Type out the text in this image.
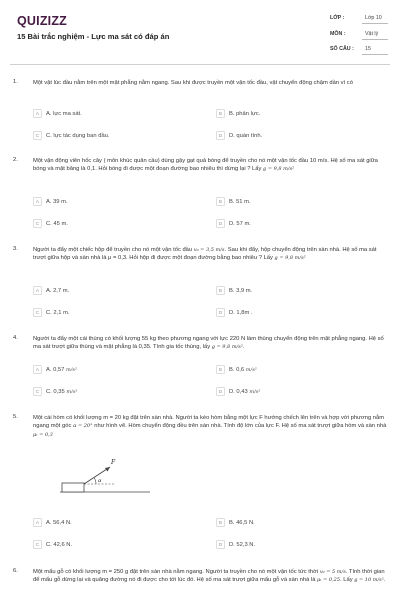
QUIZIZZ
15 Bài trắc nghiệm - Lực ma sát có đáp án
LỚP :	Lớp 10
MÔN :	Vật lý
SỐ CÂU : 15
1.	Một vật lúc đầu nằm trên một mặt phẳng nằm ngang. Sau khi được truyền một vận tốc đầu, vật chuyển động chậm dần vì có
A	A. lực ma sát.	B	B. phản lực.
C	C. lực tác dụng ban đầu.	D	D. quán tính.
2.	Một vận động viên hốc cây ( môn khúc quân cầu) dùng gậy gạt quả bóng để truyền cho nó một vận tốc đầu 10 m/s. Hệ số ma sát giữa bóng và mặt băng là 0,1. Hỏi bóng đi được một đoạn đường bao nhiêu thì dừng lại ? Lấy g = 9,8 m/s²
A	A. 39 m.	B	B. 51 m.
C	C. 45 m.	D	D. 57 m.
3.	Người ta đẩy một chiếc hộp để truyền cho nó một vận tốc đầu v₀ = 3,5 m/s. Sau khi đẩy, hộp chuyển động trên sàn nhà. Hệ số ma sát trượt giữa hộp và sàn nhà là μ = 0,3. Hỏi hộp đi được một đoạn đường bằng bao nhiêu ? Lấy g = 9,8 m/s²
A	A. 2,7 m.	B	B. 3,9 m.
C	C. 2,1 m.	D	D. 1,8m .
4.	Người ta đẩy một cái thùng có khối lượng 55 kg theo phương ngang với lực 220 N làm thùng chuyển động trên mặt phẳng ngang. Hệ số ma sát trượt giữa thùng và mặt phẳng là 0,35. Tính gia tốc thùng, lấy g = 9,8 m/s².
A	A. 0,57 m/s²	B	B. 0,6 m/s²
C	C. 0,35 m/s²	D	D. 0,43 m/s²
5.	Một cái hòm có khối lượng m = 20 kg đặt trên sàn nhà. Người ta kéo hòm bằng một lực F hướng chếch lên trên và hợp với phương nằm ngang một góc α = 20° như hình vẽ. Hòm chuyển động đều trên sàn nhà. Tính độ lớn của lực F. Hệ số ma sát trượt giữa hòm và sàn nhà μₜ = 0,3
F
α
A	A. 56,4 N.	B	B. 46,5 N.
C	C. 42,6 N.	D	D. 52,3 N.
6.	Một mẩu gỗ có khối lượng m = 250 g đặt trên sàn nhà nằm ngang. Người ta truyền cho nó một vận tốc tức thời v₀ = 5 m/s. Tính thời gian để mẩu gỗ dừng lại và quãng đường nó đi được cho tới lúc đó. Hệ số ma sát trượt giữa mẩu gỗ và sàn nhà là μₜ = 0,25. Lấy g = 10 m/s².
